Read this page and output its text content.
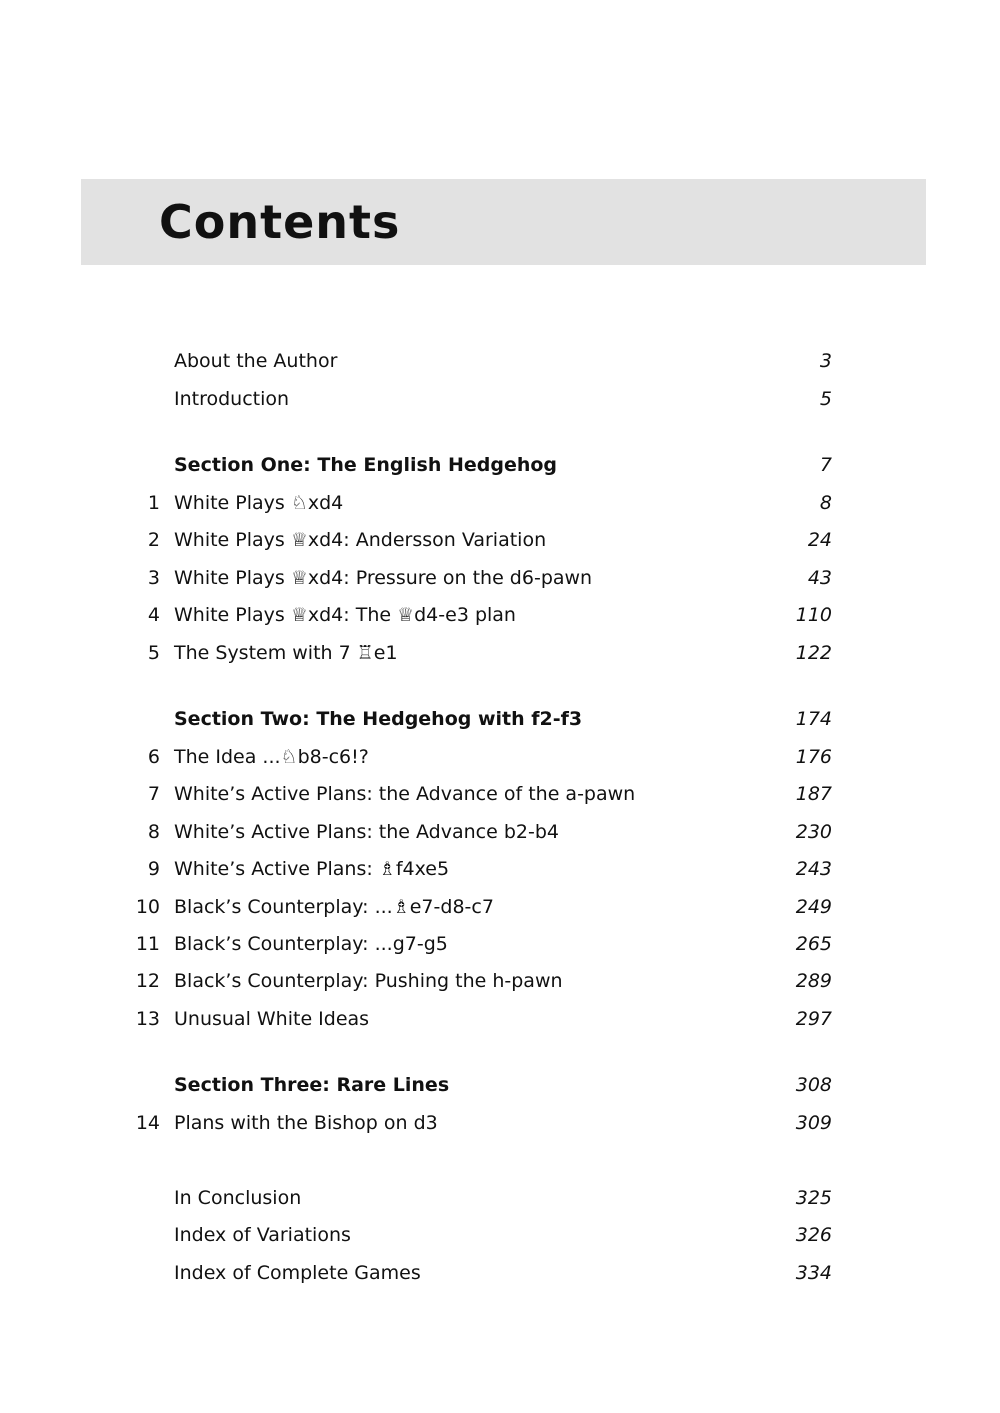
Contents
About the Author	3
Introduction	5
Section One: The English Hedgehog	7
1 White Plays ♘xd4	8
2 White Plays ♕xd4: Andersson Variation	24
3 White Plays ♕xd4: Pressure on the d6-pawn	43
4 White Plays ♕xd4: The ♕d4-e3 plan	110
5 The System with 7 ♖e1	122
Section Two: The Hedgehog with f2-f3	174
6 The Idea ...♘b8-c6!?	176
7 White’s Active Plans: the Advance of the a-pawn	187
8 White’s Active Plans: the Advance b2-b4	230
9 White’s Active Plans: ♗f4xe5	243
10 Black’s Counterplay: ...♗e7-d8-c7	249
11 Black’s Counterplay: ...g7-g5	265
12 Black’s Counterplay: Pushing the h-pawn	289
13 Unusual White Ideas	297
Section Three: Rare Lines	308
14 Plans with the Bishop on d3	309
In Conclusion	325
Index of Variations	326
Index of Complete Games	334
